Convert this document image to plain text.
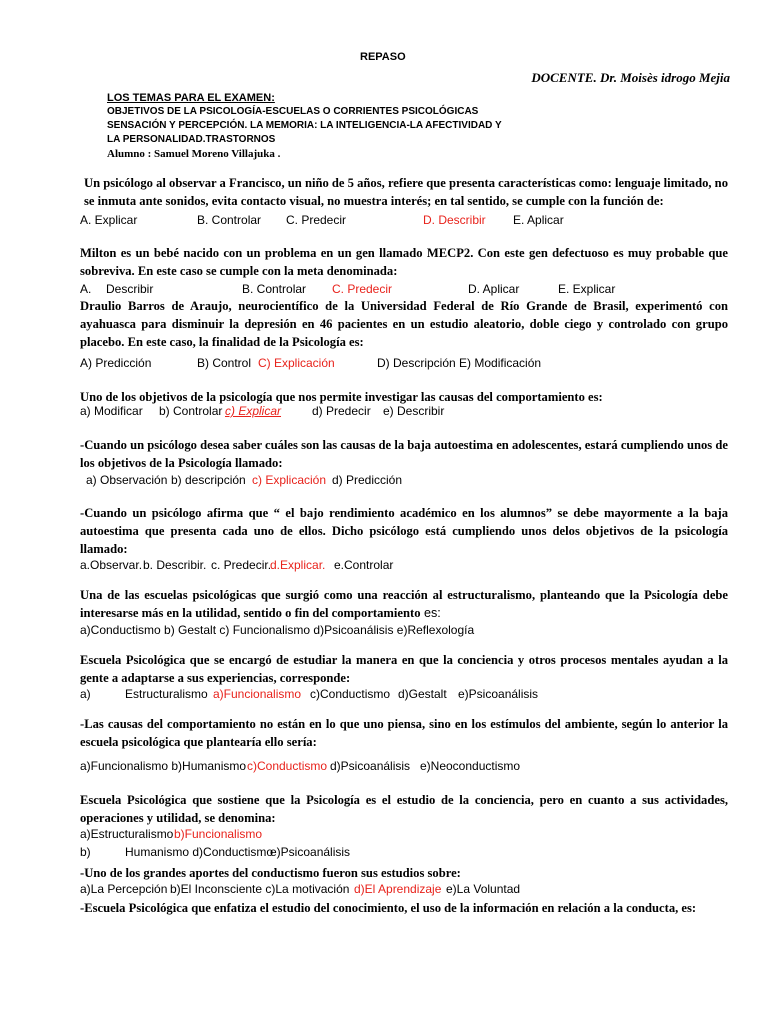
REPASO
DOCENTE. Dr. Moisès idrogo Mejia
LOS TEMAS PARA EL EXAMEN:
OBJETIVOS DE LA PSICOLOGÍA-ESCUELAS O CORRIENTES PSICOLÓGICAS
SENSACIÓN Y PERCEPCIÓN. LA MEMORIA: LA INTELIGENCIA-LA AFECTIVIDAD Y
LA PERSONALIDAD.TRASTORNOS
Alumno : Samuel Moreno Villajuka .
Un psicólogo al observar a Francisco, un niño de 5 años, refiere que presenta características como: lenguaje limitado, no se inmuta ante sonidos, evita contacto visual, no muestra interés; en tal sentido, se cumple con la función de:
A. Explicar	B. Controlar C. Predecir	D. Describir E. Aplicar
Milton es un bebé nacido con un problema en un gen llamado MECP2. Con este gen defectuoso es muy probable que sobreviva. En este caso se cumple con la meta denominada:
A. Describir	B. Controlar C. Predecir	D. Aplicar	E. Explicar
Draulio Barros de Araujo, neurocientífico de la Universidad Federal de Río Grande de Brasil, experimentó con ayahuasca para disminuir la depresión en 46 pacientes en un estudio aleatorio, doble ciego y controlado con grupo placebo. En este caso, la finalidad de la Psicología es:
A) Predicción	B) Control C) Explicación	D) Descripción E) Modificación
Uno de los objetivos de la psicología que nos permite investigar las causas del comportamiento es:
a) Modificar b) Controlar c) Explicar	d) Predecir e) Describir
-Cuando un psicólogo desea saber cuáles son las causas de la baja autoestima en adolescentes, estará cumpliendo unos de los objetivos de la Psicología llamado:
a) Observación b) descripción c) Explicación d) Predicción
-Cuando un psicólogo afirma que “ el bajo rendimiento académico en los alumnos” se debe mayormente a la baja autoestima que presenta cada uno de ellos. Dicho psicólogo está cumpliendo unos delos objetivos de la psicología llamado:
a.Observar. b. Describir. c. Predecir.
d.Explicar. e.Controlar
Una de las escuelas psicológicas que surgió como una reacción al estructuralismo, planteando que la Psicología debe interesarse más en la utilidad, sentido o fin del comportamiento es:
a)Conductismo b) Gestalt c) Funcionalismo d)Psicoanálisis e)Reflexología
Escuela Psicológica que se encargó de estudiar la manera en que la conciencia y otros procesos mentales ayudan a la gente a adaptarse a sus experiencias, corresponde:
a)	Estructuralismo a)Funcionalismo c)Conductismo d)Gestalt e)Psicoanálisis
-Las causas del comportamiento no están en lo que uno piensa, sino en los estímulos del ambiente, según lo anterior la escuela psicológica que plantearía ello sería:
a)Funcionalismo b)Humanismo c)Conductismo d)Psicoanálisis e)Neoconductismo
Escuela Psicológica que sostiene que la Psicología es el estudio de la conciencia, pero en cuanto a sus actividades, operaciones y utilidad, se denomina:
a)Estructuralismo b)Funcionalismo
b)	Humanismo d)Conductismo
e)Psicoanálisis
-Uno de los grandes aportes del conductismo fueron sus estudios sobre:
a)La Percepción b)El Inconsciente c)La motivación d)El Aprendizaje e)La Voluntad
-Escuela Psicológica que enfatiza el estudio del conocimiento, el uso de la información en relación a la conducta, es:
